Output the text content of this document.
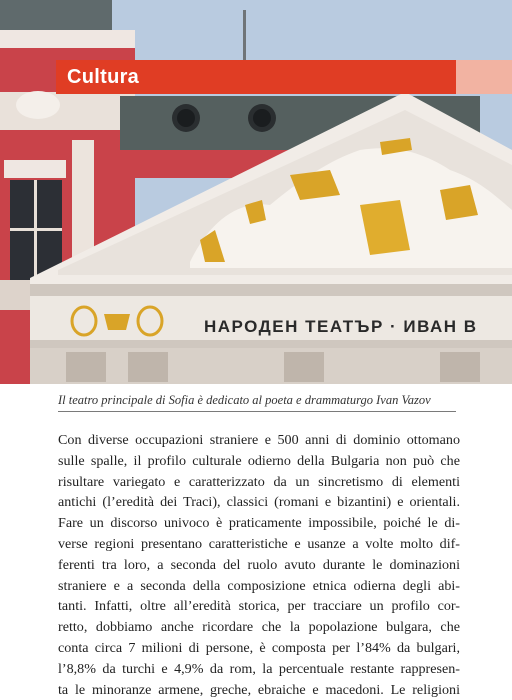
НАРОДЕН ТЕАТЪР · ИВАН В
Cultura
Il teatro principale di Sofia è dedicato al poeta e drammaturgo Ivan Vazov
Con diverse occupazioni straniere e 500 anni di dominio ottomano
sulle spalle, il profilo culturale odierno della Bulgaria non può che
risultare variegato e caratterizzato da un sincretismo di elementi
antichi (l’eredità dei Traci), classici (romani e bizantini) e orientali.
Fare un discorso univoco è praticamente impossibile, poiché le di-
verse regioni presentano caratteristiche e usanze a volte molto dif-
ferenti tra loro, a seconda del ruolo avuto durante le dominazioni
straniere e a seconda della composizione etnica odierna degli abi-
tanti. Infatti, oltre all’eredità storica, per tracciare un profilo cor-
retto, dobbiamo anche ricordare che la popolazione bulgara, che
conta circa 7 milioni di persone, è composta per l’84% da bulgari,
l’8,8% da turchi e 4,9% da rom, la percentuale restante rappresen-
ta le minoranze armene, greche, ebraiche e macedoni. Le religioni
